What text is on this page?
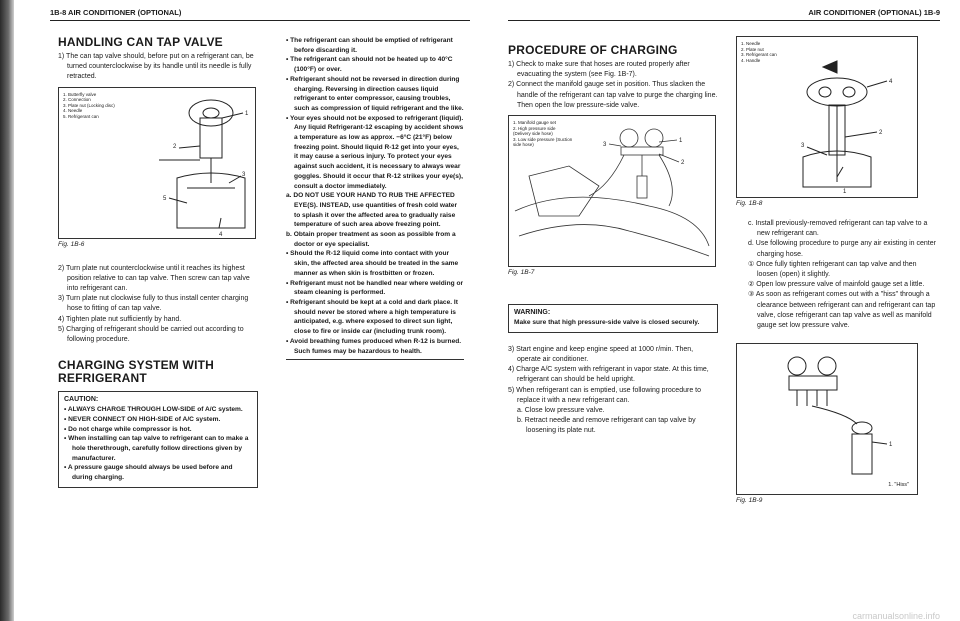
1B-8 AIR CONDITIONER (OPTIONAL)
HANDLING CAN TAP VALVE

1) The can tap valve should, before put on a refrigerant can, be turned counterclockwise by its handle until its needle is fully retracted.

1. Butterfly valve
2. Connection
3. Plate nut (Locking disc)
4. Needle
5. Refrigerant can	1
2
3
4
5
Fig. 1B-6

2) Turn plate nut counterclockwise until it reaches its highest position relative to can tap valve. Then screw can tap valve into refrigerant can.

3) Turn plate nut clockwise fully to thus install center charging hose to fitting of can tap valve.

4) Tighten plate nut sufficiently by hand.

5) Charging of refrigerant should be carried out according to following procedure.

CHARGING SYSTEM WITH REFRIGERANT
CAUTION:

• ALWAYS CHARGE THROUGH LOW-SIDE of A/C system.

• NEVER CONNECT ON HIGH-SIDE of A/C system.

• Do not charge while compressor is hot.

• When installing can tap valve to refrigerant can to make a hole therethrough, carefully follow directions given by manufacturer.

• A pressure gauge should always be used before and during charging.

• The refrigerant can should be emptied of refrigerant before discarding it.

• The refrigerant can should not be heated up to 40°C (100°F) or over.

• Refrigerant should not be reversed in direction during charging. Reversing in direction causes liquid refrigerant to enter compressor, causing troubles, such as compression of liquid refrigerant and the like.

• Your eyes should not be exposed to refrigerant (liquid). Any liquid Refrigerant-12 escaping by accident shows a temperature as low as approx. −6°C (21°F) below freezing point. Should liquid R-12 get into your eyes, it may cause a serious injury. To protect your eyes against such accident, it is necessary to always wear goggles. Should it occur that R-12 strikes your eye(s), consult a doctor immediately.

a. DO NOT USE YOUR HAND TO RUB THE AFFECTED EYE(S). INSTEAD, use quantities of fresh cold water to splash it over the affected area to gradually raise temperature of such area above freezing point.

b. Obtain proper treatment as soon as possible from a doctor or eye specialist.

• Should the R-12 liquid come into contact with your skin, the affected area should be treated in the same manner as when skin is frostbitten or frozen.

• Refrigerant must not be handled near where welding or steam cleaning is performed.

• Refrigerant should be kept at a cold and dark place. It should never be stored where a high temperature is anticipated, e.g. where exposed to direct sun light, close to fire or inside car (including trunk room).

• Avoid breathing fumes produced when R-12 is burned. Such fumes may be hazardous to health.

AIR CONDITIONER (OPTIONAL) 1B-9
PROCEDURE OF CHARGING

1) Check to make sure that hoses are routed properly after evacuating the system (see Fig. 1B-7).

2) Connect the manifold gauge set in position. Thus slacken the handle of the refrigerant can tap valve to purge the charging line. Then open the low pressure-side valve.

1. Manifold gauge set
2. High pressure side (Delivery side hose)
3. Low side pressure (Suction side hose)
1
2
3
Fig. 1B-7
WARNING:

Make sure that high pressure-side valve is closed securely.

3) Start engine and keep engine speed at 1000 r/min. Then, operate air conditioner.

4) Charge A/C system with refrigerant in vapor state. At this time, refrigerant can should be held upright.

5) When refrigerant can is emptied, use following procedure to replace it with a new refrigerant can.

a. Close low pressure valve.

b. Retract needle and remove refrigerant can tap valve by loosening its plate nut.

1. Needle
2. Plate nut
3. Refrigerant can
4. Handle
4
2
3
1
Fig. 1B-8

c. Install previously-removed refrigerant can tap valve to a new refrigerant can.

d. Use following procedure to purge any air existing in center charging hose.

① Once fully tighten refrigerant can tap valve and then loosen (open) it slightly.

② Open low pressure valve of mainfold gauge set a little.

③ As soon as refrigerant comes out with a "hiss" through a clearance between refrigerant can and refrigerant can tap valve, close refrigerant can tap valve as well as manifold gauge set low pressure valve.

1
1. "Hiss"
Fig. 1B-9
carmanualsonline.info
